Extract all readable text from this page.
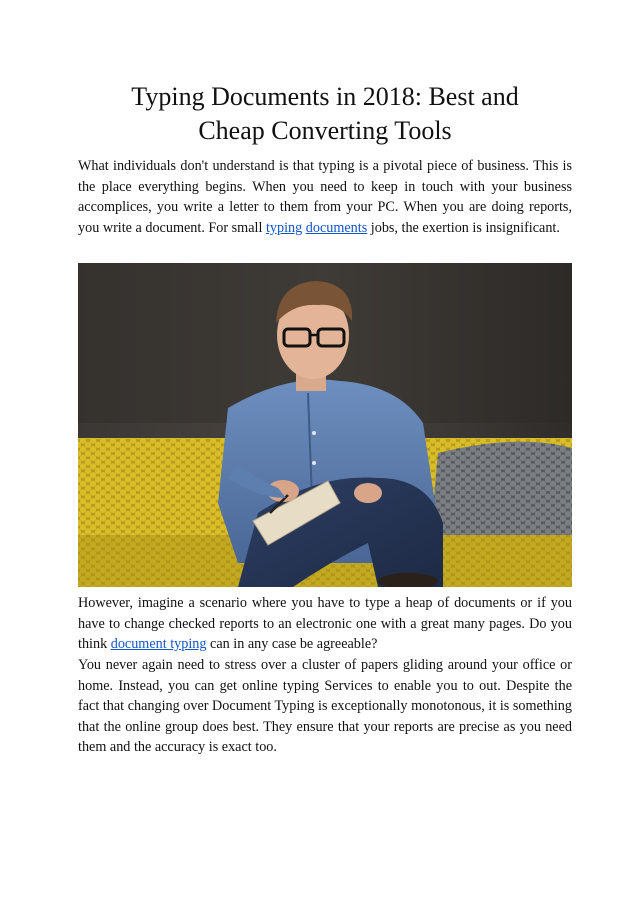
Typing Documents in 2018: Best and
Cheap Converting Tools

What individuals don't understand is that typing is a pivotal piece of business. This is the place everything begins. When you need to keep in touch with your business accomplices, you write a letter to them from your PC. When you are doing reports, you write a document. For small typing documents jobs, the exertion is insignificant.

However, imagine a scenario where you have to type a heap of documents or if you have to change checked reports to an electronic one with a great many pages. Do you think document typing can in any case be agreeable?

You never again need to stress over a cluster of papers gliding around your office or home. Instead, you can get online typing Services to enable you to out. Despite the fact that changing over Document Typing is exceptionally monotonous, it is something that the online group does best. They ensure that your reports are precise as you need them and the accuracy is exact too.
